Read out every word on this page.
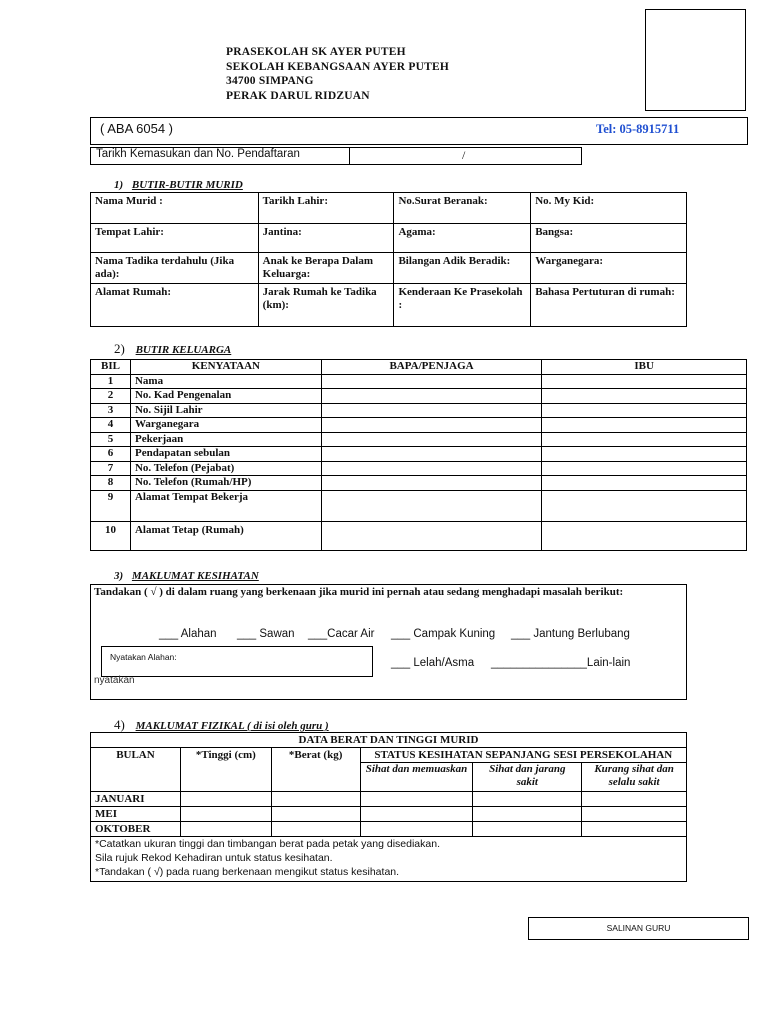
PRASEKOLAH SK AYER PUTEH
SEKOLAH KEBANGSAAN AYER PUTEH
34700 SIMPANG
PERAK DARUL RIDZUAN
( ABA 6054 )	Tel: 05-8915711
Tarikh Kemasukan dan No. Pendaftaran	/
1) BUTIR-BUTIR MURID
Nama Murid :	Tarikh Lahir:	No.Surat Beranak:	No. My Kid:
Tempat Lahir:	Jantina:	Agama:	Bangsa:
Nama Tadika terdahulu (Jika ada):	Anak ke Berapa Dalam Keluarga:	Bilangan Adik Beradik:	Warganegara:
Alamat Rumah:	Jarak Rumah ke Tadika (km):	Kenderaan Ke Prasekolah :	Bahasa Pertuturan di rumah:
2) BUTIR KELUARGA
BIL	KENYATAAN	BAPA/PENJAGA	IBU
1	Nama		
2	No. Kad Pengenalan		
3	No. Sijil Lahir		
4	Warganegara		
5	Pekerjaan		
6	Pendapatan sebulan		
7	No. Telefon (Pejabat)		
8	No. Telefon (Rumah/HP)		
9	Alamat Tempat Bekerja		
10	Alamat Tetap (Rumah)		
3) MAKLUMAT KESIHATAN
Tandakan ( √ ) di dalam ruang yang berkenaan jika murid ini pernah atau sedang menghadapi masalah berikut:
___ Alahan ___ Sawan ___Cacar Air ___ Campak Kuning ___ Jantung Berlubang
Nyatakan Alahan:	___ Lelah/Asma _______________Lain-lain
nyatakan
4) MAKLUMAT FIZIKAL ( di isi oleh guru )
DATA BERAT DAN TINGGI MURID					
BULAN	*Tinggi (cm)	*Berat (kg)	STATUS KESIHATAN SEPANJANG SESI PERSEKOLAHAN		
			Sihat dan memuaskan	Sihat dan jarang sakit	Kurang sihat dan selalu sakit
JANUARI					
MEI					
OKTOBER					

*Catatkan ukuran tinggi dan timbangan berat pada petak yang disediakan.
Sila rujuk Rekod Kehadiran untuk status kesihatan.
*Tandakan ( √) pada ruang berkenaan mengikut status kesihatan.					
SALINAN GURU
